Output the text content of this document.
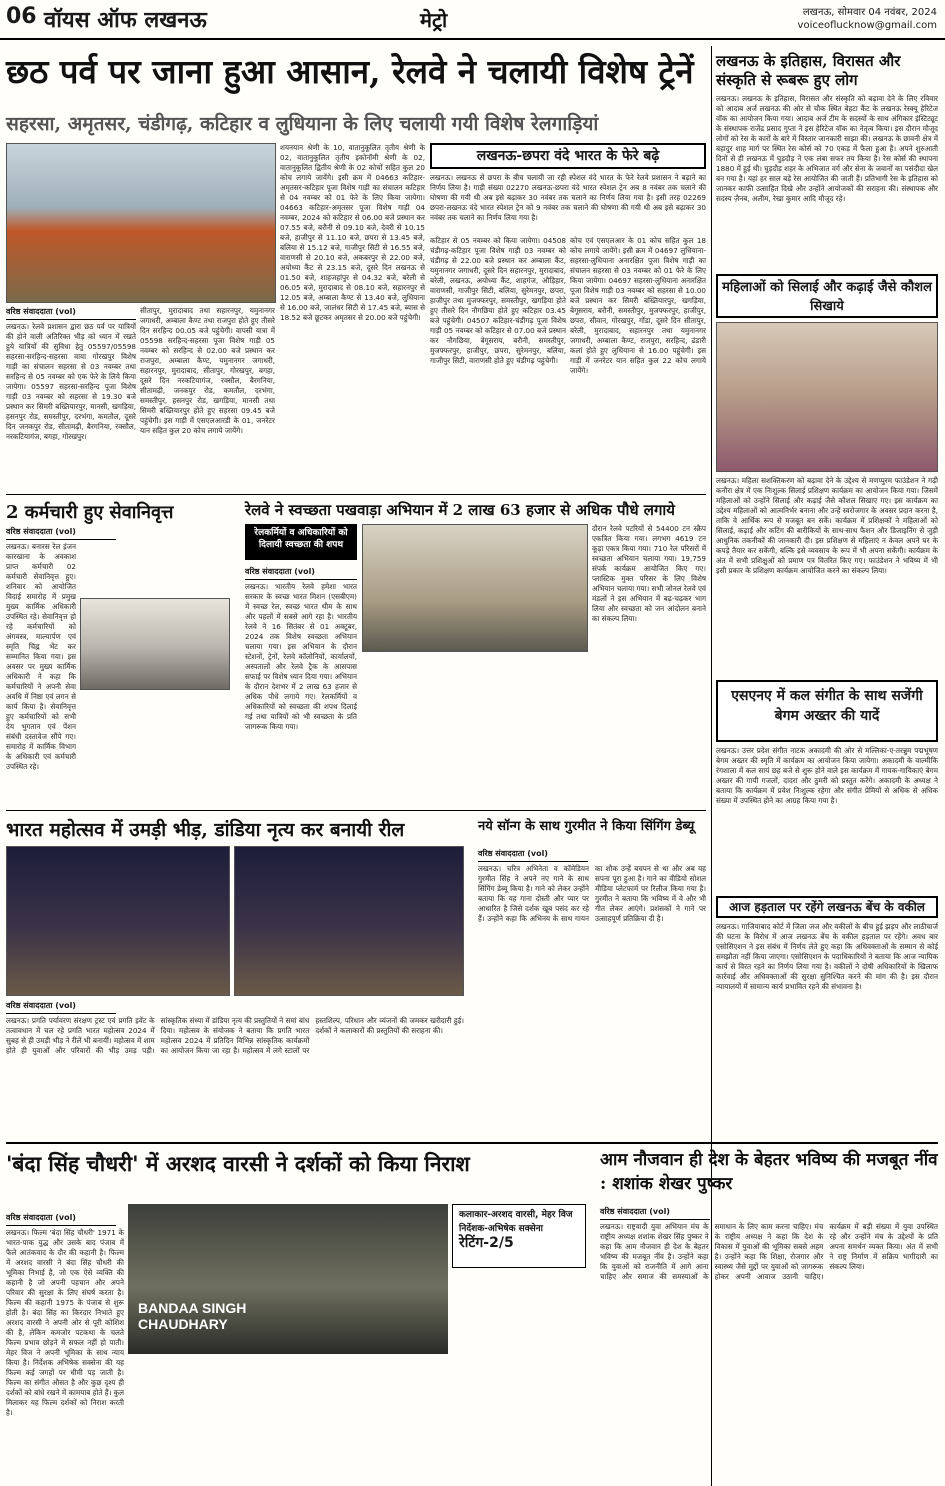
06 वॉयस ऑफ लखनऊ	मेट्रो	लखनऊ, सोमवार 04 नवंबर, 2024
voiceoflucknow@gmail.com
छठ पर्व पर जाना हुआ आसान, रेलवे ने चलायी विशेष ट्रेनें
सहरसा, अमृतसर, चंडीगढ़, कटिहार व लुधियाना के लिए चलायी गयी विशेष रेलगाड़ियां
वरिष्ठ संवाददाता (vol)
लखनऊ। रेलवे प्रशासन द्वारा छठ पर्व पर यात्रियों की होने वाली अतिरिक्त भीड़ को ध्यान में रखते हुये यात्रियों की सुविधा हेतु 05597/05598 सहरसा-सरहिन्द-सहरसा वाया गोरखपुर विशेष गाड़ी का संचालन सहरसा से 03 नवम्बर तथा सरहिन्द से 05 नवम्बर को एक फेरे के लिये किया जायेगा। 05597 सहरसा-सरहिन्द पूजा विशेष गाड़ी 03 नवम्बर को सहरसा से 19.30 बजे प्रस्थान कर सिमरी बख्तियारपुर, मानसी, खगड़िया, हसनपुर रोड, समस्तीपुर, दरभंगा, कमतौल, दूसरे दिन जनकपुर रोड, सीतामढ़ी, बैरगनिया, रक्सौल, नरकटियागंज, बगहा, गोरखपुर।
सीतापुर, मुरादाबाद तथा सहारनपुर, यमुनानगर जगाधरी, अम्बाला कैण्ट तथा राजपुरा होते हुए तीसरे दिन सरहिन्द 00.05 बजे पहुंचेगी। वापसी यात्रा में 05598 सरहिन्द-सहरसा पूजा विशेष गाड़ी 05 नवम्बर को सरहिन्द से 02.00 बजे प्रस्थान कर राजपुरा, अम्बाला कैण्ट, यमुनानगर जगाधरी, सहारनपुर, मुरादाबाद, सीतापुर, गोरखपुर, बगहा, दूसरे दिन नरकटियागंज, रक्सौल, बैरगनिया, सीतामढ़ी, जनकपुर रोड, कमतौल, दरभंगा, समस्तीपुर, हसनपुर रोड, खगड़िया, मानसी तथा सिमरी बख्तियारपुर होते हुए सहरसा 09.45 बजे पहुंचेगी। इस गाड़ी में एसएलआरडी के 01, जनरेटर यान सहित कुल 20 कोच लगाये जायेंगे।
शयनयान श्रेणी के 10, वातानुकूलित तृतीय श्रेणी के 02, वातानुकूलित तृतीय इकोनॉमी श्रेणी के 02, वातानुकूलित द्वितीय श्रेणी के 02 कोचों सहित कुल 20 कोच लगाये जायेंगे। इसी क्रम में 04663 कटिहार-अमृतसर-कटिहार पूजा विशेष गाड़ी का संचालन कटिहार से 04 नवम्बर को 01 फेरे के लिए किया जायेगा। 04663 कटिहार-अमृतसर पूजा विशेष गाड़ी 04 नवम्बर, 2024 को कटिहार से 06.00 बजे प्रस्थान कर 07.55 बजे, बरौनी से 09.10 बजे, देवरी से 10.15 बजे, हाजीपुर से 11.10 बजे, छपरा से 13.45 बजे, बलिया से 15.12 बजे, गाजीपुर सिटी से 16.55 बजे, वाराणसी से 20.10 बजे, अकबरपुर से 22.00 बजे, अयोध्या कैंट से 23.15 बजे, दूसरे दिन लखनऊ से 01.50 बजे, शाहजहांपुर से 04.32 बजे, बरेली से 06.05 बजे, मुरादाबाद से 08.10 बजे, सहारनपुर से 12.05 बजे, अम्बाला कैण्ट से 13.40 बजे, लुधियाना से 16.00 बजे, जालंधर सिटी से 17.45 बजे, ब्यास से 18.52 बजे छूटकर अमृतसर से 20.00 बजे पहुंचेगी।
लखनऊ-छपरा वंदे भारत के फेरे बढ़े
लखनऊ। लखनऊ से छपरा के बीच चलायी जा रही स्पेशल वंदे भारत के फेरे रेलवे प्रशासन ने बढ़ाने का निर्णय लिया है। गाड़ी संख्या 02270 लखनऊ-छपरा वंदे भारत स्पेशल ट्रेन अब 8 नवंबर तक चलाने की घोषणा की गयी थी अब इसे बढ़ाकर 30 नवंबर तक चलाने का निर्णय लिया गया है। इसी तरह 02269 छपरा-लखनऊ वंदे भारत स्पेशल ट्रेन को 9 नवंबर तक चलाने की घोषणा की गयी थी अब इसे बढ़ाकर 30 नवंबर तक चलाने का निर्णय लिया गया है।
कटिहार से 05 नवम्बर को किया जायेगा। 04508 चंडीगढ़-कटिहार पूजा विशेष गाड़ी 03 नवम्बर को चंडीगढ़ से 22.00 बजे प्रस्थान कर अम्बाला कैंट, यमुनानगर जगाधरी, दूसरे दिन सहारनपुर, मुरादाबाद, बरेली, लखनऊ, अयोध्या कैंट, शाहगंज, औड़िहार, वाराणसी, गाजीपुर सिटी, बलिया, सुरेमनपुर, छपरा, हाजीपुर तथा मुजफ्फरपुर, समस्तीपुर, खगड़िया होते हुए तीसरे दिन नौगछिया होते हुए कटिहार 03.45 बजे पहुंचेगी। 04507 कटिहार-चंडीगढ़ पूजा विशेष गाड़ी 05 नवम्बर को कटिहार से 07.00 बजे प्रस्थान कर नौगछिया, बेगूसराय, बरौनी, समस्तीपुर, मुजफ्फरपुर, हाजीपुर, छपरा, सुरेमनपुर, बलिया, गाजीपुर सिटी, वाराणसी होते हुए चंडीगढ़ पहुंचेगी।
कोच एवं एसएलआर के 01 कोच सहित कुल 18 कोच लगाये जायेंगे। इसी क्रम में 04697 लुधियाना-सहरसा-लुधियाना अनारक्षित पूजा विशेष गाड़ी का संचालन सहरसा से 03 नवम्बर को 01 फेरे के लिए किया जायेगा। 04697 सहरसा-लुधियाना अनारक्षित पूजा विशेष गाड़ी 03 नवम्बर को सहरसा से 10.00 बजे प्रस्थान कर सिमरी बख्तियारपुर, खगड़िया, बेगूसराय, बरौनी, समस्तीपुर, मुजफ्फरपुर, हाजीपुर, छपरा, सीवान, गोरखपुर, गोंडा, दूसरे दिन सीतापुर, बरेली, मुरादाबाद, सहारनपुर तथा यमुनानगर जगाधरी, अम्बाला कैण्ट, राजपुरा, सरहिन्द, ढंडारी कलां होते हुए लुधियाना से 16.00 पहुंचेगी। इस गाड़ी में जनरेटर यान सहित कुल 22 कोच लगाये जायेंगे।
लखनऊ के इतिहास, विरासत और संस्कृति से रूबरू हुए लोग
लखनऊ। लखनऊ के इतिहास, विरासत और संस्कृति को बढ़ावा देने के लिए रविवार को आदाब अर्ज लखनऊ की ओर से चौक स्थित बेहटा कैंट के लखनऊ रेस्क्यू हेरिटेज वॉक का आयोजन किया गया। आदाब अर्ज टीम के सदस्यों के साथ अंगिकार इंस्टिट्यूट के संस्थापक राजेंद्र प्रसाद गुप्ता ने इस हेरिटेज वॉक का नेतृत्व किया। इस दौरान मौजूद लोगों को रेस के कारों के बारे में विस्तार जानकारी साझा की। लखनऊ के छावनी क्षेत्र में बहादुर शाह मार्ग पर स्थित रेस कोर्स को 70 एकड़ में फैला हुआ है। अपने शुरुआती दिनों से ही लखनऊ में घुड़दौड़ ने एक लंबा सफर तय किया है। रेस कोर्स की स्थापना 1880 में हुई थी। घुड़दौड़ शहर के अभिजात वर्ग और सेना के जवानों का पसंदीदा खेल बन गया है। यहां हर साल बड़े रेस आयोजित की जाती हैं। प्रतिभागी रेस के इतिहास को जानकर काफी उत्साहित दिखे और उन्होंने आयोजकों की सराहना की। संस्थापक और सदस्य ज़ैनब, अलीम, रेखा कुमार आदि मौजूद रहे।
महिलाओं को सिलाई और कढ़ाई जैसे कौशल सिखाये
लखनऊ। महिला सशक्तिकरण को बढ़ावा देने के उद्देश्य से मणप्पुरम फाउंडेशन ने गढ़ी कनौरा क्षेत्र में एक निःशुल्क सिलाई प्रशिक्षण कार्यक्रम का आयोजन किया गया। जिसमें महिलाओं को उन्होंने सिलाई और कढ़ाई जैसे कौशल सिखाए गए। इस कार्यक्रम का उद्देश्य महिलाओं को आत्मनिर्भर बनाना और उन्हें स्वरोजगार के अवसर प्रदान करना है, ताकि वे आर्थिक रूप से मजबूत बन सकें। कार्यक्रम में प्रशिक्षकों ने महिलाओं को सिलाई, कढ़ाई और कटिंग की बारीकियों के साथ-साथ फैशन और डिजाइनिंग से जुड़ी आधुनिक तकनीकों की जानकारी दी। इस प्रशिक्षण से महिलाएं न केवल अपने घर के कपड़े तैयार कर सकेंगी, बल्कि इसे व्यवसाय के रूप में भी अपना सकेंगी। कार्यक्रम के अंत में सभी प्रशिक्षुओं को प्रमाण पत्र वितरित किए गए। फाउंडेशन ने भविष्य में भी इसी प्रकार के प्रशिक्षण कार्यक्रम आयोजित करने का संकल्प लिया।
एसएनए में कल संगीत के साथ सजेंगी बेगम अख्तर की यादें
लखनऊ। उत्तर प्रदेश संगीत नाटक अकादमी की ओर से मल्लिका-ए-तरन्नुम पद्मभूषण बेगम अख्तर की स्मृति में कार्यक्रम का आयोजन किया जायेगा। अकादमी के वाल्मीकि रंगशाला में कल सायं छह बजे से शुरू होने वाले इस कार्यक्रम में गायक-गायिकाएं बेगम अख्तर की गायी गजलों, दादरा और ठुमरी को प्रस्तुत करेंगे। अकादमी के अध्यक्ष ने बताया कि कार्यक्रम में प्रवेश निःशुल्क रहेगा और संगीत प्रेमियों से अधिक से अधिक संख्या में उपस्थित होने का आग्रह किया गया है।
आज हड़ताल पर रहेंगे लखनऊ बेंच के वकील
लखनऊ। गाजियाबाद कोर्ट में जिला जज और वकीलों के बीच हुई झड़प और लाठीचार्ज की घटना के विरोध में आज लखनऊ बेंच के वकील हड़ताल पर रहेंगे। अवध बार एसोसिएशन ने इस संबंध में निर्णय लेते हुए कहा कि अधिवक्ताओं के सम्मान से कोई समझौता नहीं किया जाएगा। एसोसिएशन के पदाधिकारियों ने बताया कि आज न्यायिक कार्य से विरत रहने का निर्णय लिया गया है। वकीलों ने दोषी अधिकारियों के खिलाफ कार्रवाई और अधिवक्ताओं की सुरक्षा सुनिश्चित करने की मांग की है। इस दौरान न्यायालयों में सामान्य कार्य प्रभावित रहने की संभावना है।
2 कर्मचारी हुए सेवानिवृत्त
वरिष्ठ संवाददाता (vol)
लखनऊ। बनारस रेल इंजन कारखाना के अवकाश प्राप्त कर्मचारी 02 कर्मचारी सेवानिवृत्त हुए। शनिवार को आयोजित विदाई समारोह में प्रमुख मुख्य कार्मिक अधिकारी उपस्थित रहे। सेवानिवृत्त हो रहे कर्मचारियों को अंगवस्त्र, माल्यार्पण एवं स्मृति चिह्न भेंट कर सम्मानित किया गया। इस अवसर पर मुख्य कार्मिक अधिकारी ने कहा कि कर्मचारियों ने अपनी सेवा अवधि में निष्ठा एवं लगन से कार्य किया है। सेवानिवृत्त हुए कर्मचारियों को सभी देय भुगतान एवं पेंशन संबंधी दस्तावेज सौंपे गए। समारोह में कार्मिक विभाग के अधिकारी एवं कर्मचारी उपस्थित रहे।
रेलवे ने स्वच्छता पखवाड़ा अभियान में 2 लाख 63 हजार से अधिक पौधे लगाये
रेलकर्मियों व अधिकारियों को दिलायी स्वच्छता की शपथ
वरिष्ठ संवाददाता (vol)
लखनऊ। भारतीय रेलवे हमेशा भारत सरकार के स्वच्छ भारत मिशन (एसबीएम) में स्वच्छ रेल, स्वच्छ भारत थीम के साथ और पहलों में सबसे आगे रहा है। भारतीय रेलवे ने 16 सितंबर से 01 अक्टूबर, 2024 तक विशेष स्वच्छता अभियान चलाया गया। इस अभियान के दौरान स्टेशनों, ट्रेनों, रेलवे कॉलोनियों, कार्यालयों, अस्पतालों और रेलवे ट्रैक के आसपास सफाई पर विशेष ध्यान दिया गया। अभियान के दौरान देशभर में 2 लाख 63 हजार से अधिक पौधे लगाये गए। रेलकर्मियों व अधिकारियों को स्वच्छता की शपथ दिलाई गई तथा यात्रियों को भी स्वच्छता के प्रति जागरूक किया गया।
दौरान रेलवे पटरियों से 54400 टन स्क्रैप एकत्रित किया गया। लगभग 4619 टन कूड़ा एकत्र किया गया। 710 रेल परिसरों में स्वच्छता अभियान चलाया गया। 19,759 संपर्क कार्यक्रम आयोजित किए गए। प्लास्टिक मुक्त परिसर के लिए विशेष अभियान चलाया गया। सभी जोनल रेलवे एवं मंडलों ने इस अभियान में बढ़-चढ़कर भाग लिया और स्वच्छता को जन आंदोलन बनाने का संकल्प लिया।
भारत महोत्सव में उमड़ी भीड़, डांडिया नृत्य कर बनायी रील
वरिष्ठ संवाददाता (vol)
लखनऊ। प्रगति पर्यावरण संरक्षण ट्रस्ट एवं प्रगति इवेंट के तत्वावधान में चल रहे प्रगति भारत महोत्सव 2024 में सुबह से ही उमड़ी भीड़ ने रीलें भी बनायीं। महोत्सव में शाम होते ही युवाओं और परिवारों की भीड़ उमड़ पड़ी। सांस्कृतिक संध्या में डांडिया नृत्य की प्रस्तुतियों ने समां बांध दिया। महोत्सव के संयोजक ने बताया कि प्रगति भारत महोत्सव 2024 में प्रतिदिन विभिन्न सांस्कृतिक कार्यक्रमों का आयोजन किया जा रहा है। महोत्सव में लगे स्टालों पर हस्तशिल्प, परिधान और व्यंजनों की जमकर खरीदारी हुई। दर्शकों ने कलाकारों की प्रस्तुतियों की सराहना की।
नये सॉन्ग के साथ गुरमीत ने किया सिंगिंग डेब्यू
वरिष्ठ संवाददाता (vol)
लखनऊ। चरित्र अभिनेता व कॉमेडियन गुरमीत सिंह ने अपने नए गाने के साथ सिंगिंग डेब्यू किया है। गाने को लेकर उन्होंने बताया कि यह गाना दोस्ती और प्यार पर आधारित है जिसे दर्शक खूब पसंद कर रहे हैं। उन्होंने कहा कि अभिनय के साथ गायन का शौक उन्हें बचपन से था और अब यह सपना पूरा हुआ है। गाने का वीडियो सोशल मीडिया प्लेटफार्म पर रिलीज किया गया है। गुरमीत ने बताया कि भविष्य में वे और भी गीत लेकर आएंगे। प्रशंसकों ने गाने पर उत्साहपूर्ण प्रतिक्रिया दी है।
'बंदा सिंह चौधरी' में अरशद वारसी ने दर्शकों को किया निराश
वरिष्ठ संवाददाता (vol)
लखनऊ। फिल्म 'बंदा सिंह चौधरी' 1971 के भारत-पाक युद्ध और उसके बाद पंजाब में फैले आतंकवाद के दौर की कहानी है। फिल्म में अरशद वारसी ने बंदा सिंह चौधरी की भूमिका निभाई है, जो एक ऐसे व्यक्ति की कहानी है जो अपनी पहचान और अपने परिवार की सुरक्षा के लिए संघर्ष करता है। फिल्म की कहानी 1975 के पंजाब से शुरू होती है। बंदा सिंह का किरदार निभाते हुए अरशद वारसी ने अपनी ओर से पूरी कोशिश की है, लेकिन कमजोर पटकथा के चलते फिल्म प्रभाव छोड़ने में सफल नहीं हो पाती। मेहर विज ने अपनी भूमिका के साथ न्याय किया है। निर्देशक अभिषेक सक्सेना की यह फिल्म कई जगहों पर धीमी पड़ जाती है। फिल्म का संगीत औसत है और कुछ दृश्य ही दर्शकों को बांधे रखने में कामयाब होते हैं। कुल मिलाकर यह फिल्म दर्शकों को निराश करती है।
BANDAA SINGH CHAUDHARY
कलाकार-अरशद वारसी, मेहर विज
निर्देशक-अभिषेक सक्सेना
रेटिंग-2/5
आम नौजवान ही देश के बेहतर भविष्य की मजबूत नींव : शशांक शेखर पुष्कर
वरिष्ठ संवाददाता (vol)
लखनऊ। राष्ट्रवादी युवा अभियान मंच के राष्ट्रीय अध्यक्ष शशांक शेखर सिंह पुष्कर ने कहा कि आम नौजवान ही देश के बेहतर भविष्य की मजबूत नींव है। उन्होंने कहा कि युवाओं को राजनीति में आगे आना चाहिए और समाज की समस्याओं के समाधान के लिए काम करना चाहिए। मंच के राष्ट्रीय अध्यक्ष ने कहा कि देश के विकास में युवाओं की भूमिका सबसे अहम है। उन्होंने कहा कि शिक्षा, रोजगार और स्वास्थ्य जैसे मुद्दों पर युवाओं को जागरूक होकर अपनी आवाज उठानी चाहिए। कार्यक्रम में बड़ी संख्या में युवा उपस्थित रहे और उन्होंने मंच के उद्देश्यों के प्रति अपना समर्थन व्यक्त किया। अंत में सभी ने राष्ट्र निर्माण में सक्रिय भागीदारी का संकल्प लिया।
